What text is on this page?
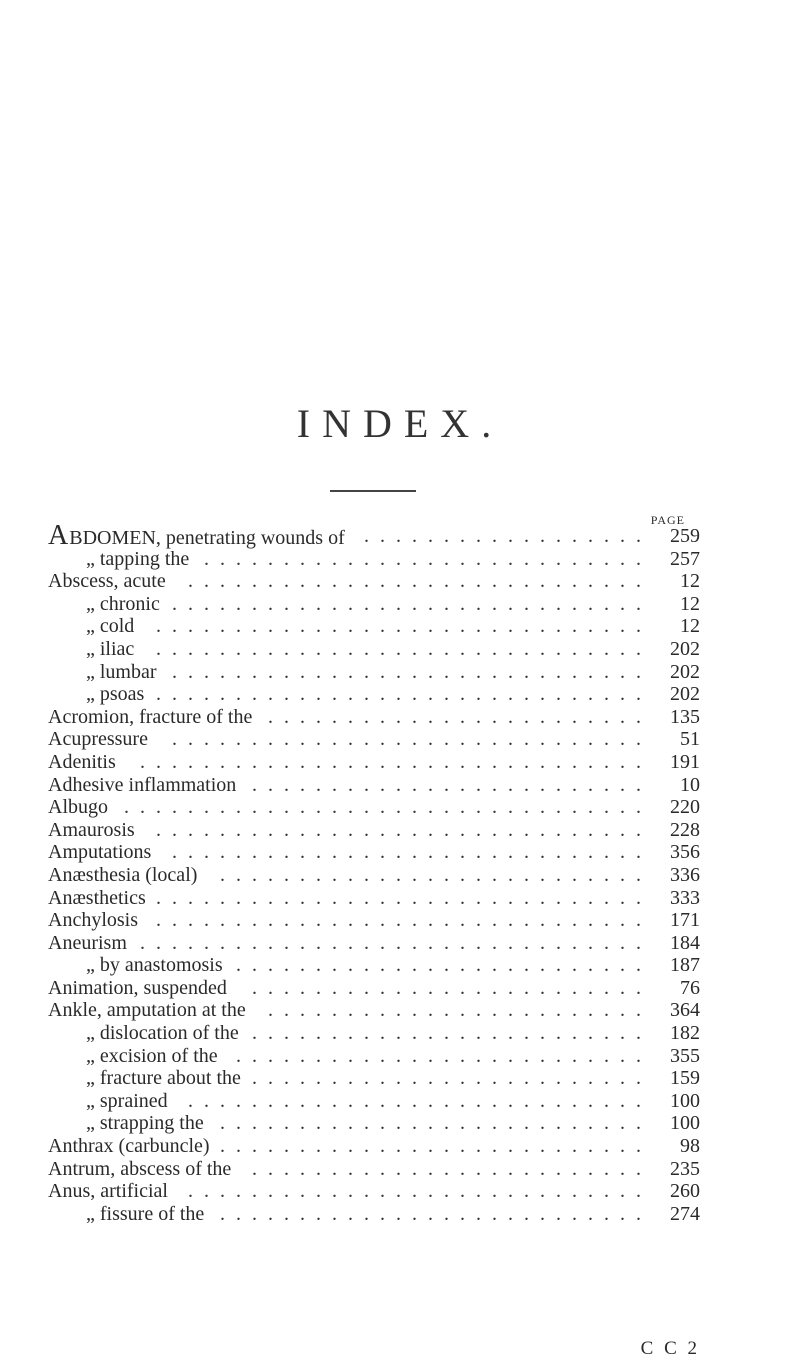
INDEX.
PAGE
ABDOMEN, penetrating wounds of .................. 259
„ tapping the ............................ 257
Abscess, acute .............................	12
„ chronic ..............................	12
„ cold ...............................	12
„ iliac ............................... 202
„ lumbar .............................. 202
„ psoas ............................... 202
Acromion, fracture of the ........................ 135
Acupressure ..............................	51
Adenitis ................................ 191
Adhesive inflammation .........................	10
Albugo ................................. 220
Amaurosis ............................... 228
Amputations .............................. 356
Anæsthesia (local) ........................... 336
Anæsthetics ............................... 333
Anchylosis ............................... 171
Aneurism ................................ 184
„ by anastomosis .......................... 187
Animation, suspended .........................	76
Ankle, amputation at the ........................ 364
„ dislocation of the ......................... 182
„ excision of the .......................... 355
„ fracture about the ......................... 159
„ sprained ............................. 100
„ strapping the ........................... 100
Anthrax (carbuncle) ...........................	98
Antrum, abscess of the ......................... 235
Anus, artificial ............................. 260
„ fissure of the ........................... 274
C C 2
